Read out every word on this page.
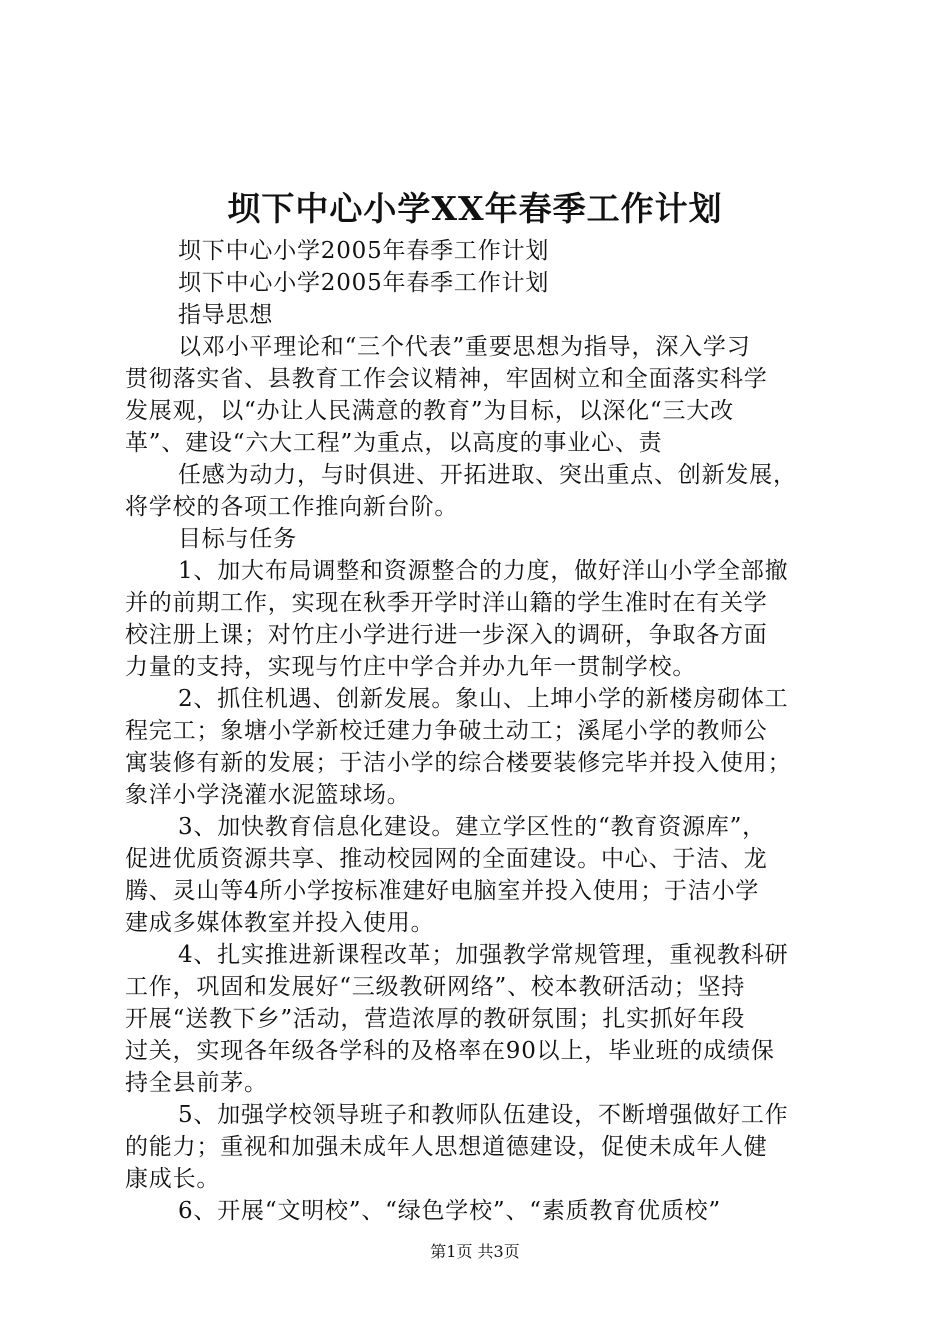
坝下中心小学XX年春季工作计划
坝下中心小学2005年春季工作计划
坝下中心小学2005年春季工作计划
指导思想
以邓小平理论和“三个代表”重要思想为指导，深入学习
贯彻落实省、县教育工作会议精神，牢固树立和全面落实科学
发展观，以“办让人民满意的教育”为目标，以深化“三大改
革”、建设“六大工程”为重点，以高度的事业心、责
任感为动力，与时俱进、开拓进取、突出重点、创新发展，
将学校的各项工作推向新台阶。
目标与任务
1、加大布局调整和资源整合的力度，做好洋山小学全部撤
并的前期工作，实现在秋季开学时洋山籍的学生准时在有关学
校注册上课；对竹庄小学进行进一步深入的调研，争取各方面
力量的支持，实现与竹庄中学合并办九年一贯制学校。
2、抓住机遇、创新发展。象山、上坤小学的新楼房砌体工
程完工；象塘小学新校迁建力争破土动工；溪尾小学的教师公
寓装修有新的发展；于洁小学的综合楼要装修完毕并投入使用；
象洋小学浇灌水泥篮球场。
3、加快教育信息化建设。建立学区性的“教育资源库”，
促进优质资源共享、推动校园网的全面建设。中心、于洁、龙
腾、灵山等4所小学按标准建好电脑室并投入使用；于洁小学
建成多媒体教室并投入使用。
4、扎实推进新课程改革；加强教学常规管理，重视教科研
工作，巩固和发展好“三级教研网络”、校本教研活动；坚持
开展“送教下乡”活动，营造浓厚的教研氛围；扎实抓好年段
过关，实现各年级各学科的及格率在90以上，毕业班的成绩保
持全县前茅。
5、加强学校领导班子和教师队伍建设，不断增强做好工作
的能力；重视和加强未成年人思想道德建设，促使未成年人健
康成长。
6、开展“文明校”、“绿色学校”、“素质教育优质校”
第1页 共3页
